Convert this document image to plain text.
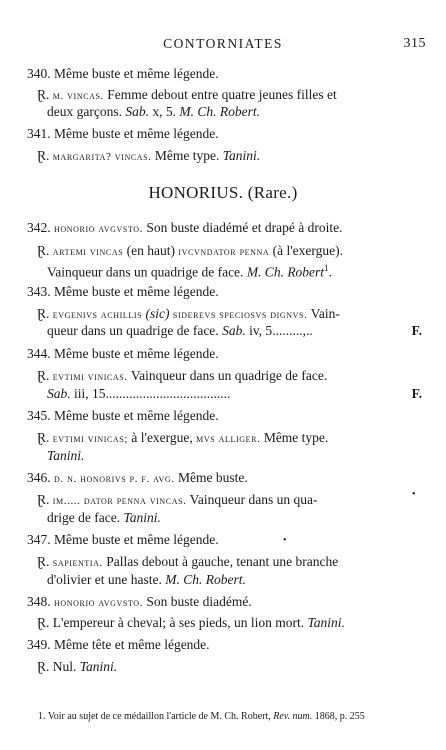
CONTORNIATES	315
340. Même buste et même légende.
Ɽ. m. vincas. Femme debout entre quatre jeunes filles et
deux garçons. Sab. x, 5. M. Ch. Robert.
341. Même buste et même légende.
Ɽ. margarita? vincas. Même type. Tanini.
HONORIUS. (Rare.)
342. honorio avgvsto. Son buste diadémé et drapé à droite.
Ɽ. artemi vincas (en haut) ivcvndator penna (à l'exergue).
Vainqueur dans un quadrige de face. M. Ch. Robert$^1$.
343. Même buste et même légende.
Ɽ. evgenivs achillis (sic) siderevs speciosvs dignvs. Vain-
queur dans un quadrige de face. Sab. iv, 5.........,..	F.
344. Même buste et même légende.
Ɽ. evtimi vinicas. Vainqueur dans un quadrige de face.
Sab. iii, 15.....................................	F.
345. Même buste et même légende.
Ɽ. evtimi vinicas; à l'exergue, mvs alliger. Même type.
Tanini.
346. d. n. honorivs p. f. avg. Même buste.
Ɽ. im..... dator penna vincas. Vainqueur dans un qua-
drige de face. Tanini.
•
347. Même buste et même légende.	•
Ɽ. sapientia. Pallas debout à gauche, tenant une branche
d'olivier et une haste. M. Ch. Robert.
348. honorio avgvsto. Son buste diadémé.
Ɽ. L'empereur à cheval; à ses pieds, un lion mort. Tanini.
349. Même tête et même légende.
Ɽ. Nul. Tanini.
1. Voir au sujet de ce médaillon l'article de M. Ch. Robert, Rev. num. 1868, p. 255
